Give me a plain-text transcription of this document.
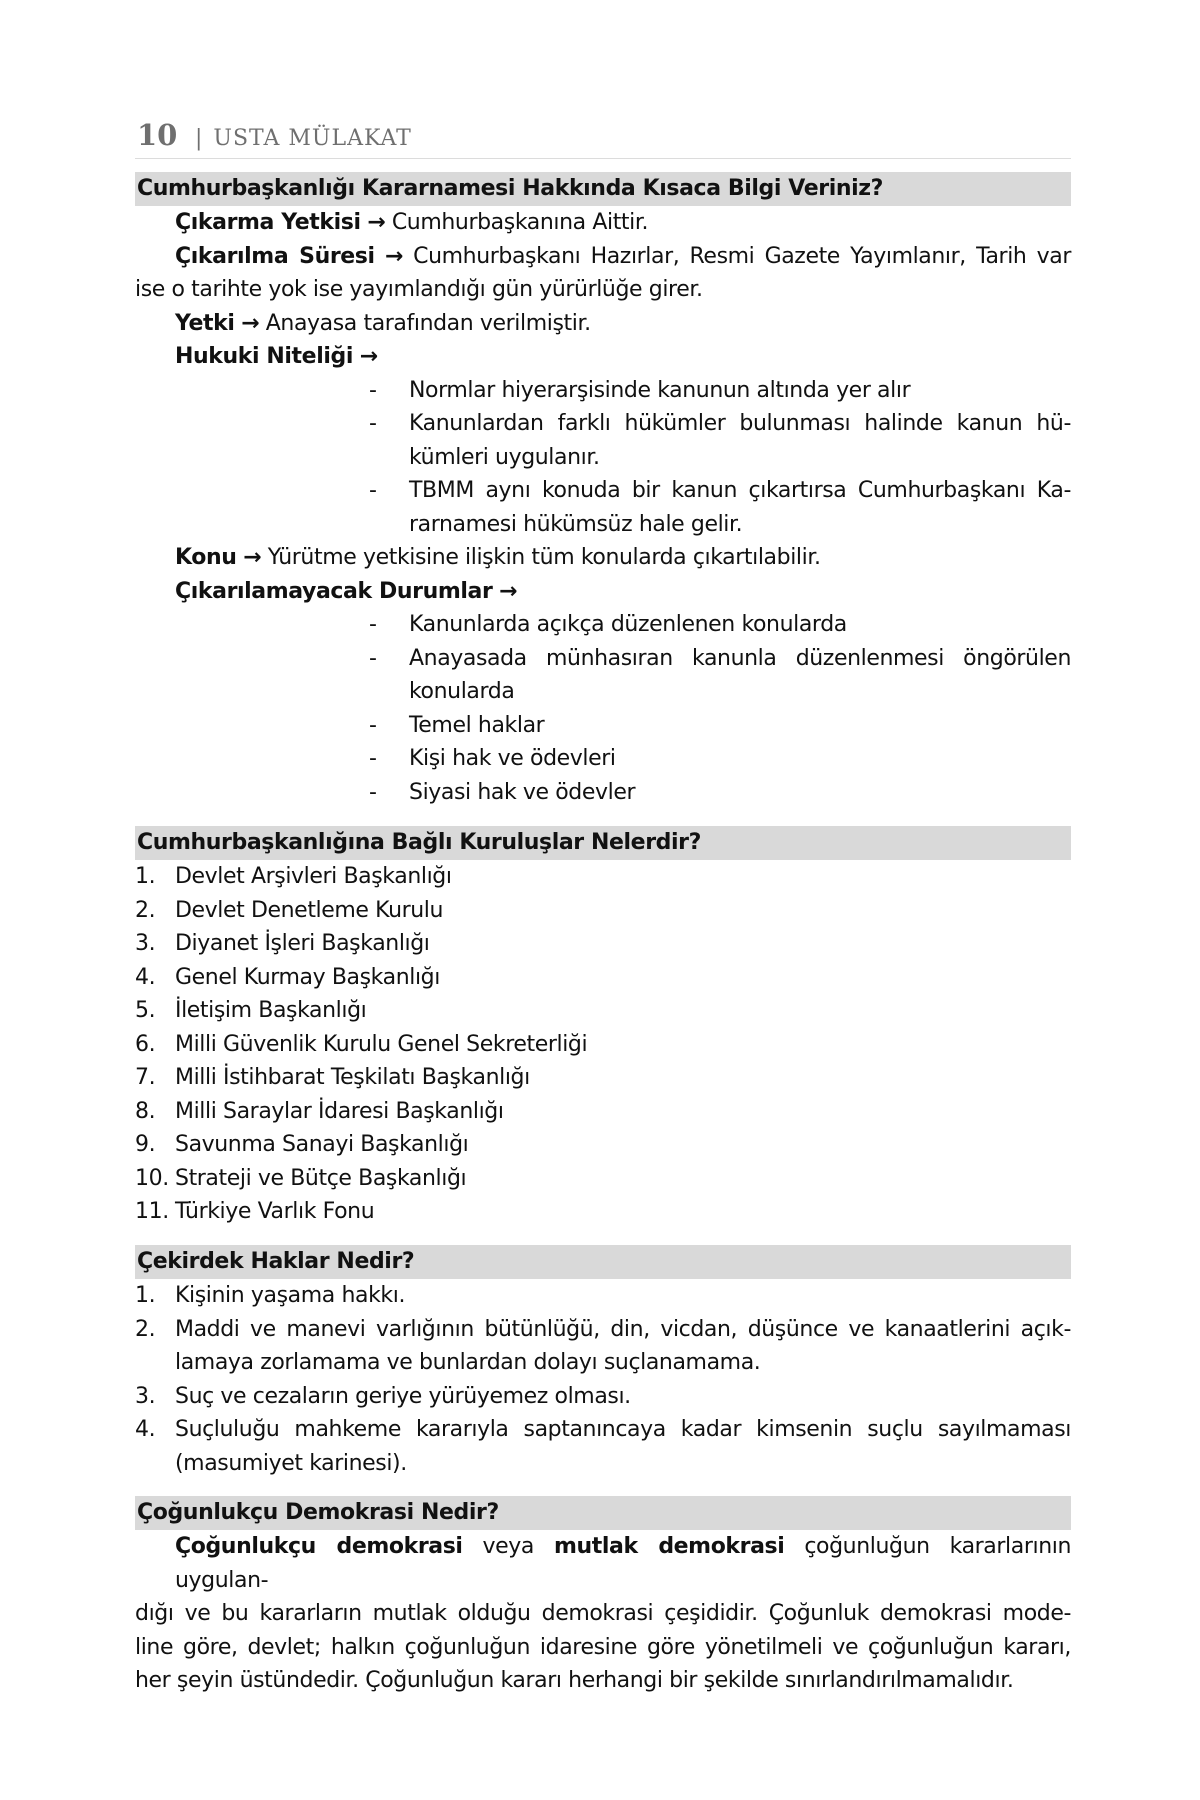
10 | USTA MÜLAKAT
Cumhurbaşkanlığı Kararnamesi Hakkında Kısaca Bilgi Veriniz?
Çıkarma Yetkisi → Cumhurbaşkanına Aittir.
Çıkarılma Süresi → Cumhurbaşkanı Hazırlar, Resmi Gazete Yayımlanır, Tarih var
ise o tarihte yok ise yayımlandığı gün yürürlüğe girer.
Yetki → Anayasa tarafından verilmiştir.
Hukuki Niteliği →
- Normlar hiyerarşisinde kanunun altında yer alır
- Kanunlardan farklı hükümler bulunması halinde kanun hü-
kümleri uygulanır.
- TBMM aynı konuda bir kanun çıkartırsa Cumhurbaşkanı Ka-
rarnamesi hükümsüz hale gelir.
Konu → Yürütme yetkisine ilişkin tüm konularda çıkartılabilir.
Çıkarılamayacak Durumlar →
- Kanunlarda açıkça düzenlenen konularda
- Anayasada münhasıran kanunla düzenlenmesi öngörülen
konularda
- Temel haklar
- Kişi hak ve ödevleri
- Siyasi hak ve ödevler
Cumhurbaşkanlığına Bağlı Kuruluşlar Nelerdir?
1. Devlet Arşivleri Başkanlığı
2. Devlet Denetleme Kurulu
3. Diyanet İşleri Başkanlığı
4. Genel Kurmay Başkanlığı
5. İletişim Başkanlığı
6. Milli Güvenlik Kurulu Genel Sekreterliği
7. Milli İstihbarat Teşkilatı Başkanlığı
8. Milli Saraylar İdaresi Başkanlığı
9. Savunma Sanayi Başkanlığı
10. Strateji ve Bütçe Başkanlığı
11. Türkiye Varlık Fonu
Çekirdek Haklar Nedir?
1. Kişinin yaşama hakkı.
2. Maddi ve manevi varlığının bütünlüğü, din, vicdan, düşünce ve kanaatlerini açık-
lamaya zorlamama ve bunlardan dolayı suçlanamama.
3. Suç ve cezaların geriye yürüyemez olması.
4. Suçluluğu mahkeme kararıyla saptanıncaya kadar kimsenin suçlu sayılmaması
(masumiyet karinesi).
Çoğunlukçu Demokrasi Nedir?
Çoğunlukçu demokrasi veya mutlak demokrasi çoğunluğun kararlarının uygulan-
dığı ve bu kararların mutlak olduğu demokrasi çeşididir. Çoğunluk demokrasi mode-
line göre, devlet; halkın çoğunluğun idaresine göre yönetilmeli ve çoğunluğun kararı,
her şeyin üstündedir. Çoğunluğun kararı herhangi bir şekilde sınırlandırılmamalıdır.
